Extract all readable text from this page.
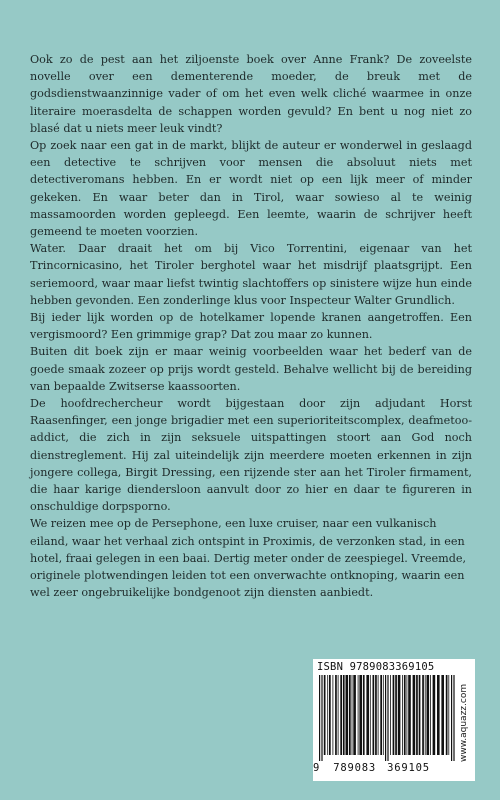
Ook zo de pest aan het ziljoenste boek over Anne Frank? De zoveelste novelle over een dementerende moeder, de breuk met de godsdienstwaanzinnige vader of om het even welk cliché waarmee in onze literaire moerasdelta de schappen worden gevuld? En bent u nog niet zo blasé dat u niets meer leuk vindt?

Op zoek naar een gat in de markt, blijkt de auteur er wonderwel in geslaagd een detective te schrijven voor mensen die absoluut niets met detectiveromans hebben. En er wordt niet op een lijk meer of minder gekeken. En waar beter dan in Tirol, waar sowieso al te weinig massamoorden worden gepleegd. Een leemte, waarin de schrijver heeft gemeend te moeten voorzien.

Water. Daar draait het om bij Vico Torrentini, eigenaar van het Trincornicasino, het Tiroler berghotel waar het misdrijf plaatsgrijpt. Een seriemoord, waar maar liefst twintig slachtoffers op sinistere wijze hun einde hebben gevonden. Een zonderlinge klus voor Inspecteur Walter Grundlich.

Bij ieder lijk worden op de hotelkamer lopende kranen aangetroffen. Een vergismoord? Een grimmige grap? Dat zou maar zo kunnen.

Buiten dit boek zijn er maar weinig voorbeelden waar het bederf van de goede smaak zozeer op prijs wordt gesteld. Behalve wellicht bij de bereiding van bepaalde Zwitserse kaassoorten.

De hoofdrechercheur wordt bijgestaan door zijn adjudant Horst Raasenfinger, een jonge brigadier met een superioriteitscomplex, deafmetoo-addict, die zich in zijn seksuele uitspattingen stoort aan God noch dienstreglement. Hij zal uiteindelijk zijn meerdere moeten erkennen in zijn jongere collega, Birgit Dressing, een rijzende ster aan het Tiroler firmament, die haar karige diendersloon aanvult door zo hier en daar te figureren in onschuldige dorpsporno.

We reizen mee op de Persephone, een luxe cruiser, naar een vulkanisch eiland, waar het verhaal zich ontspint in Proximis, de verzonken stad, in een hotel, fraai gelegen in een baai. Dertig meter onder de zeespiegel. Vreemde, originele plotwendingen leiden tot een onverwachte ontknoping, waarin een wel zeer ongebruikelijke bondgenoot zijn diensten aanbiedt.

ISBN 9789083369105
9 789083 369105
www.aquazz.com
